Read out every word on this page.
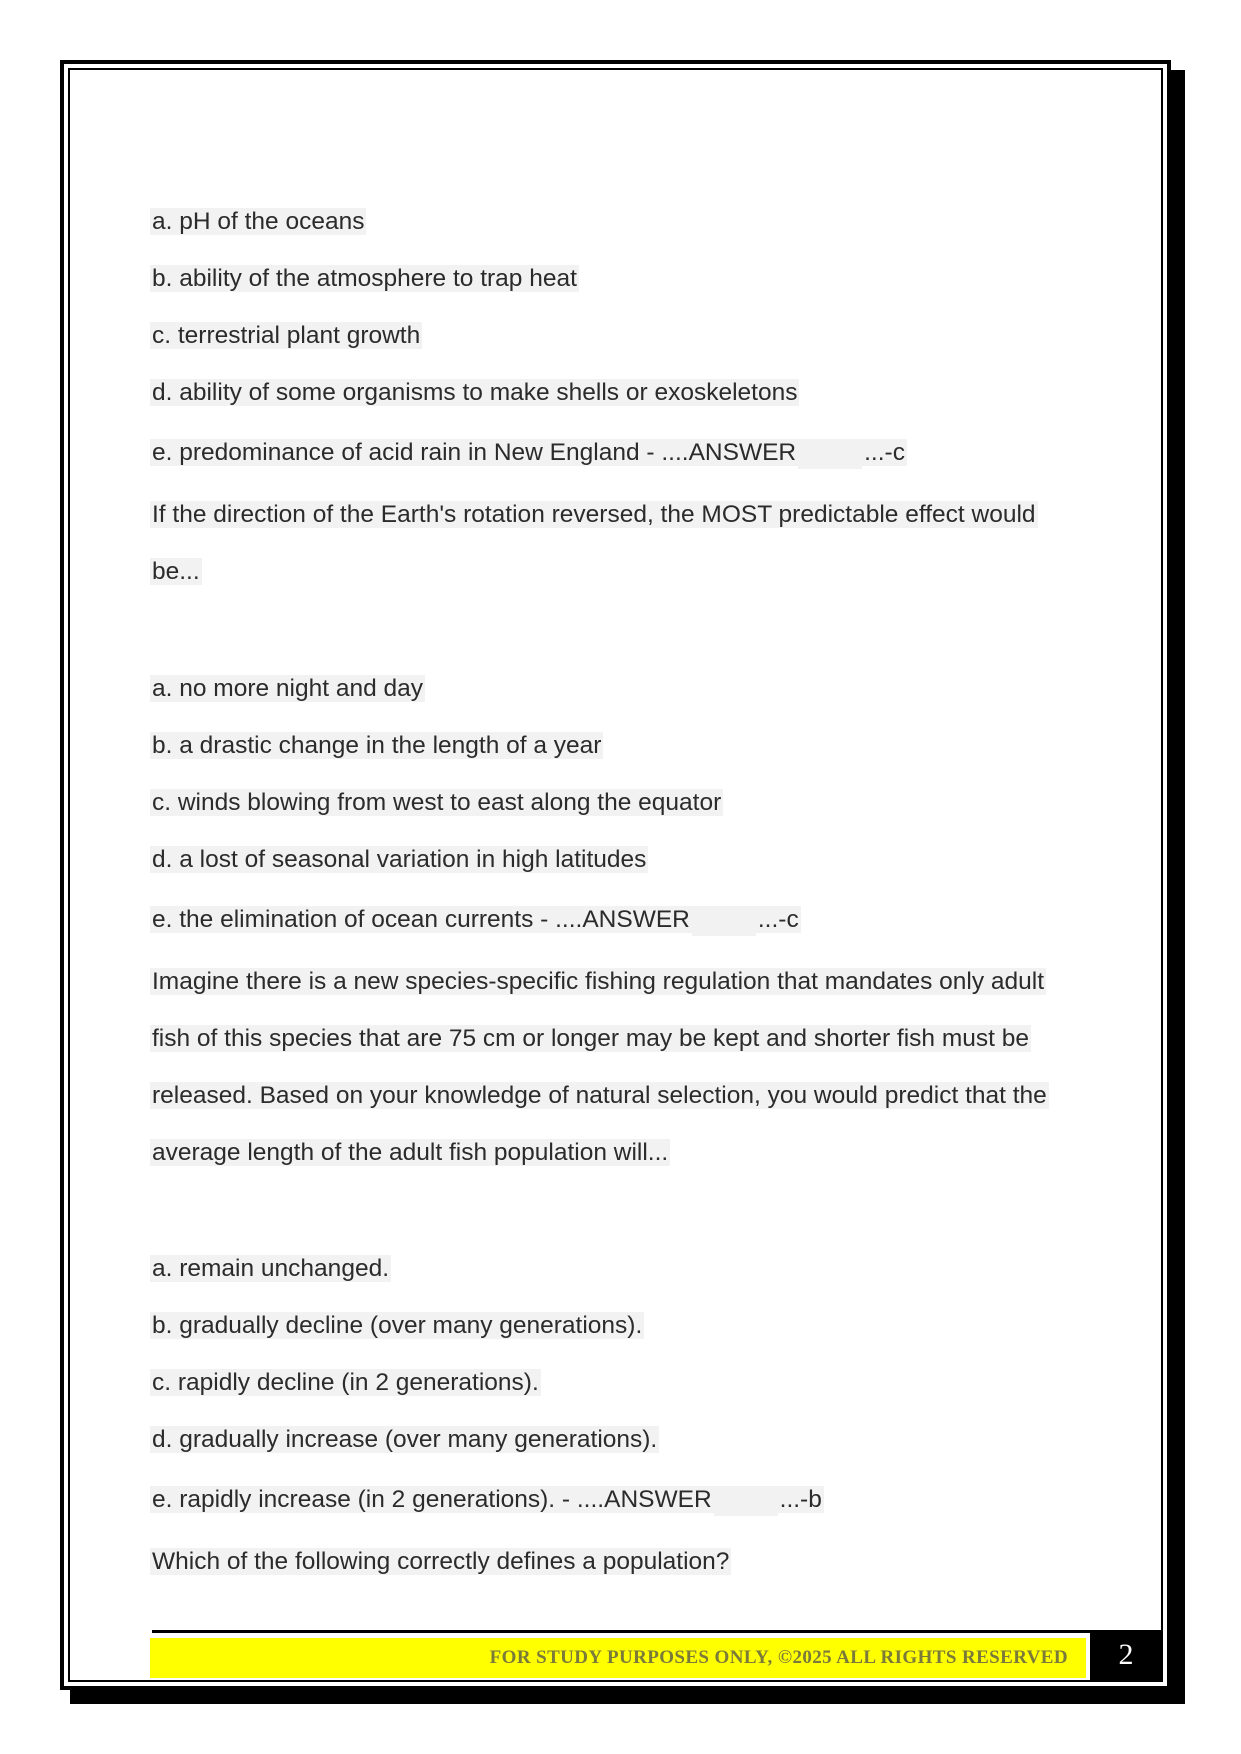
a. pH of the oceans
b. ability of the atmosphere to trap heat
c. terrestrial plant growth
d. ability of some organisms to make shells or exoskeletons
e. predominance of acid rain in New England - ....ANSWER	...-c
If the direction of the Earth's rotation reversed, the MOST predictable effect would
be...
a. no more night and day
b. a drastic change in the length of a year
c. winds blowing from west to east along the equator
d. a lost of seasonal variation in high latitudes
e. the elimination of ocean currents - ....ANSWER	...-c
Imagine there is a new species-specific fishing regulation that mandates only adult
fish of this species that are 75 cm or longer may be kept and shorter fish must be
released. Based on your knowledge of natural selection, you would predict that the
average length of the adult fish population will...
a. remain unchanged.
b. gradually decline (over many generations).
c. rapidly decline (in 2 generations).
d. gradually increase (over many generations).
e. rapidly increase (in 2 generations). - ....ANSWER	...-b
Which of the following correctly defines a population?
FOR STUDY PURPOSES ONLY, ©2025 ALL RIGHTS RESERVED 2
